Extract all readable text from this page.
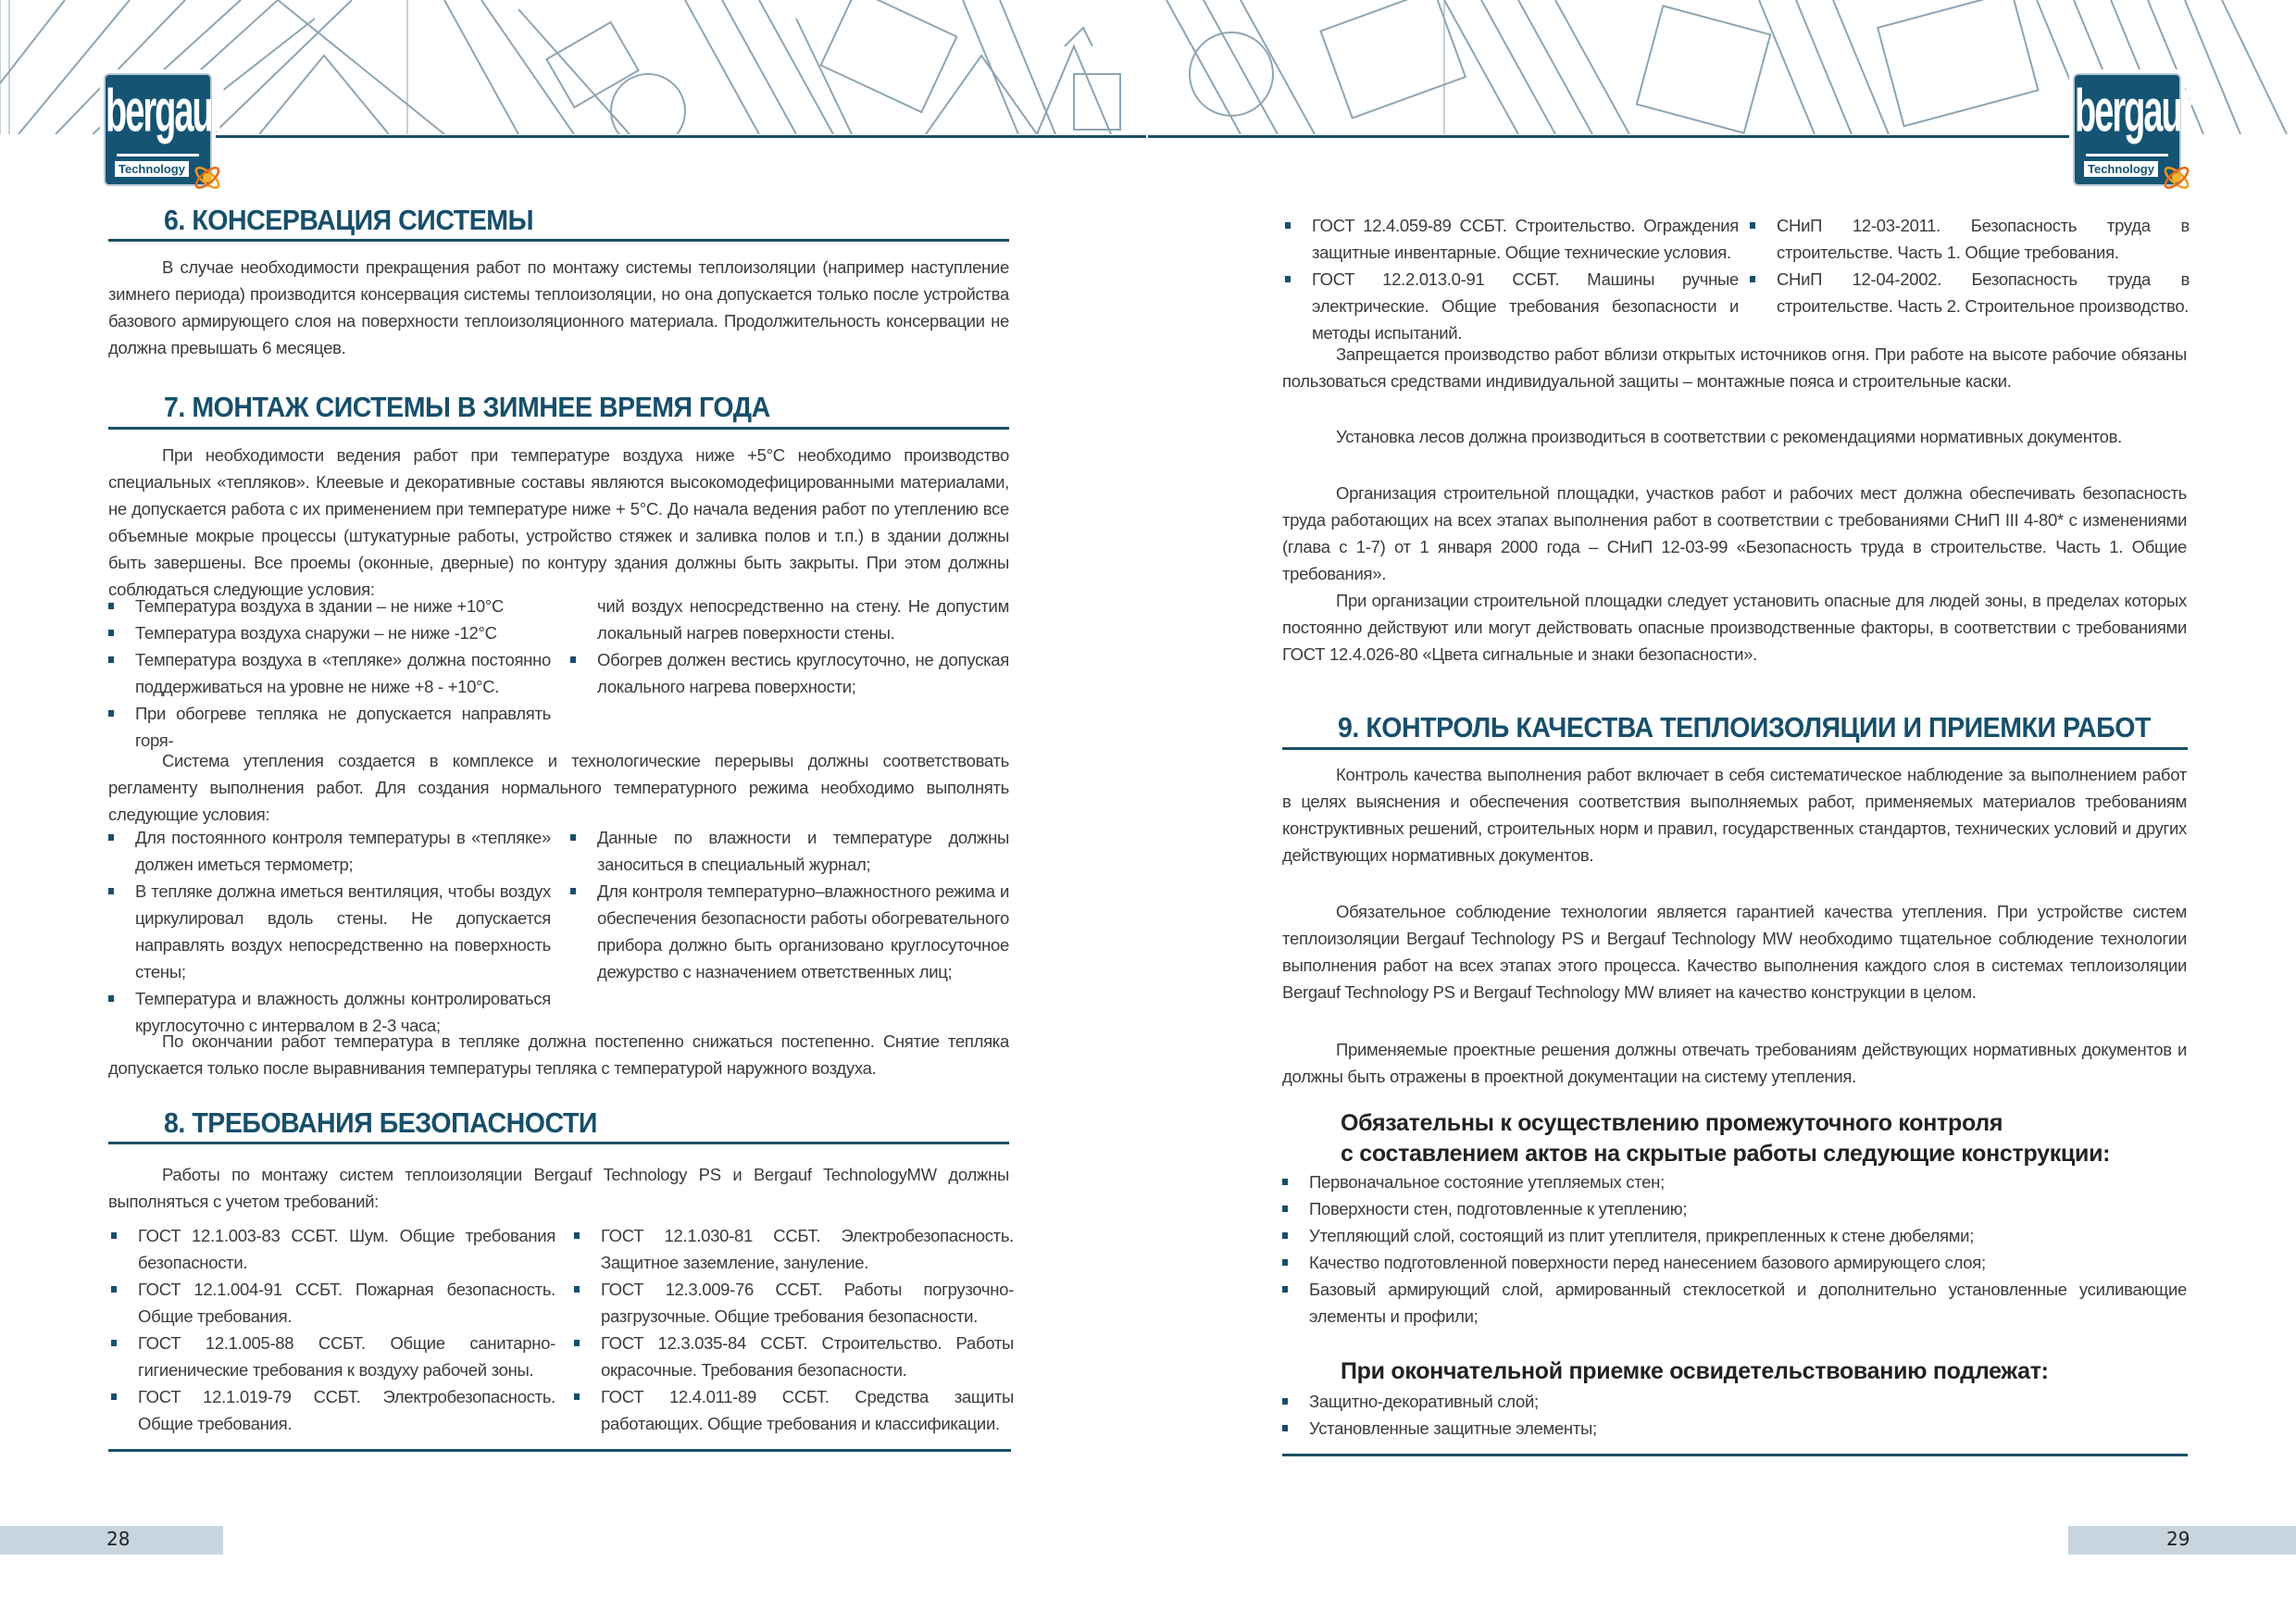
bergauf
Technology
bergauf
Technology
6. КОНСЕРВАЦИЯ СИСТЕМЫ
В случае необходимости прекращения работ по монтажу системы теплоизоляции (например наступление зимнего периода) производится консервация системы теплоизоляции, но она допускается только после устройства базового армирующего слоя на поверхности теплоизоляционного материала. Продолжительность консервации не должна превышать 6 месяцев.
7. МОНТАЖ СИСТЕМЫ В ЗИМНЕЕ ВРЕМЯ ГОДА
При необходимости ведения работ при температуре воздуха ниже +5°С необходимо производство специальных «тепляков». Клеевые и декоративные составы являются высокомодефицированными материалами, не допускается работа с их применением при температуре ниже + 5°С. До начала ведения работ по утеплению все объемные мокрые процессы (штукатурные работы, устройство стяжек и заливка полов и т.п.) в здании должны быть завершены. Все проемы (оконные, дверные) по контуру здания должны быть закрыты. При этом должны соблюдаться следующие условия:
Температура воздуха в здании – не ниже +10°С
Температура воздуха снаружи – не ниже -12°С
Температура воздуха в «тепляке» должна постоянно поддерживаться на уровне не ниже +8 - +10°С.
При обогреве тепляка не допускается направлять горя-
чий воздух непосредственно на стену. Не допустим локальный нагрев поверхности стены.
Обогрев должен вестись круглосуточно, не допуская локального нагрева поверхности;
Система утепления создается в комплексе и технологические перерывы должны соответствовать регламенту выполнения работ. Для создания нормального температурного режима необходимо выполнять следующие условия:
Для постоянного контроля температуры в «тепляке» должен иметься термометр;
В тепляке должна иметься вентиляция, чтобы воздух циркулировал вдоль стены. Не допускается направлять воздух непосредственно на поверхность стены;
Температура и влажность должны контролироваться круглосуточно с интервалом в 2-3 часа;
Данные по влажности и температуре должны заноситься в специальный журнал;
Для контроля температурно–влажностного режима и обеспечения безопасности работы обогревательного прибора должно быть организовано круглосуточное дежурство с назначением ответственных лиц;
По окончании работ температура в тепляке должна постепенно снижаться постепенно. Снятие тепляка допускается только после выравнивания температуры тепляка с температурой наружного воздуха.
8. ТРЕБОВАНИЯ БЕЗОПАСНОСТИ
Работы по монтажу систем теплоизоляции Bergauf Technology PS и Bergauf TechnologyMW должны выполняться с учетом требований:
ГОСТ 12.1.003-83 ССБТ. Шум. Общие требования безопасности.
ГОСТ 12.1.004-91 ССБТ. Пожарная безопасность. Общие требования.
ГОСТ 12.1.005-88 ССБТ. Общие санитарно-гигиенические требования к воздуху рабочей зоны.
ГОСТ 12.1.019-79 ССБТ. Электробезопасность. Общие требования.
ГОСТ 12.1.030-81 ССБТ. Электробезопасность. Защитное заземление, зануление.
ГОСТ 12.3.009-76 ССБТ. Работы погрузочно-разгрузочные. Общие требования безопасности.
ГОСТ 12.3.035-84 ССБТ. Строительство. Работы окрасочные. Требования безопасности.
ГОСТ 12.4.011-89 ССБТ. Средства защиты работающих. Общие требования и классификации.
28
ГОСТ 12.4.059-89 ССБТ. Строительство. Ограждения защитные инвентарные. Общие технические условия.
ГОСТ 12.2.013.0-91 ССБТ. Машины ручные электрические. Общие требования безопасности и методы испытаний.
СНиП 12-03-2011. Безопасность труда в строительстве. Часть 1. Общие требования.
СНиП 12-04-2002. Безопасность труда в строительстве. Часть 2. Строительное производство.
Запрещается производство работ вблизи открытых источников огня. При работе на высоте рабочие обязаны пользоваться средствами индивидуальной защиты – монтажные пояса и строительные каски.
Установка лесов должна производиться в соответствии с рекомендациями нормативных документов.
Организация строительной площадки, участков работ и рабочих мест должна обеспечивать безопасность труда работающих на всех этапах выполнения работ в соответствии с требованиями СНиП III 4-80* с изменениями (глава с 1-7) от 1 января 2000 года – СНиП 12-03-99 «Безопасность труда в строительстве. Часть 1. Общие требования».
При организации строительной площадки следует установить опасные для людей зоны, в пределах которых постоянно действуют или могут действовать опасные производственные факторы, в соответствии с требованиями ГОСТ 12.4.026-80 «Цвета сигнальные и знаки безопасности».
9. КОНТРОЛЬ КАЧЕСТВА ТЕПЛОИЗОЛЯЦИИ И ПРИЕМКИ РАБОТ
Контроль качества выполнения работ включает в себя систематическое наблюдение за выполнением работ в целях выяснения и обеспечения соответствия выполняемых работ, применяемых материалов требованиям конструктивных решений, строительных норм и правил, государственных стандартов, технических условий и других действующих нормативных документов.
Обязательное соблюдение технологии является гарантией качества утепления. При устройстве систем теплоизоляции Bergauf Technology PS и Bergauf Technology MW необходимо тщательное соблюдение технологии выполнения работ на всех этапах этого процесса. Качество выполнения каждого слоя в системах теплоизоляции Bergauf Technology PS и Bergauf Technology MW влияет на качество конструкции в целом.
Применяемые проектные решения должны отвечать требованиям действующих нормативных документов и должны быть отражены в проектной документации на систему утепления.
Обязательны к осуществлению промежуточного контроля
с составлением актов на скрытые работы следующие конструкции:
Первоначальное состояние утепляемых стен;
Поверхности стен, подготовленные к утеплению;
Утепляющий слой, состоящий из плит утеплителя, прикрепленных к стене дюбелями;
Качество подготовленной поверхности перед нанесением базового армирующего слоя;
Базовый армирующий слой, армированный стеклосеткой и дополнительно установленные усиливающие элементы и профили;
При окончательной приемке освидетельствованию подлежат:
Защитно-декоративный слой;
Установленные защитные элементы;
29
